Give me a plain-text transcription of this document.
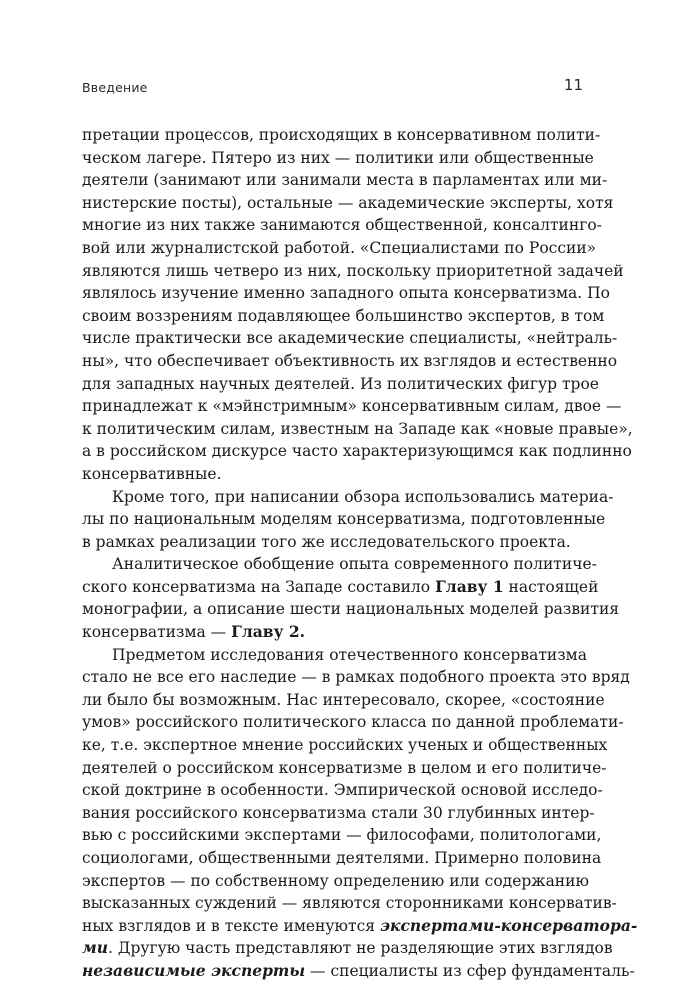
Введение	11

претации процессов, происходящих в консервативном полити-
ческом лагере. Пятеро из них — политики или общественные
деятели (занимают или занимали места в парламентах или ми-
нистерские посты), остальные — академические эксперты, хотя
многие из них также занимаются общественной, консалтинго-
вой или журналистской работой. «Специалистами по России»
являются лишь четверо из них, поскольку приоритетной задачей
являлось изучение именно западного опыта консерватизма. По
своим воззрениям подавляющее большинство экспертов, в том
числе практически все академические специалисты, «нейтраль-
ны», что обеспечивает объективность их взглядов и естественно
для западных научных деятелей. Из политических фигур трое
принадлежат к «мэйнстримным» консервативным силам, двое —
к политическим силам, известным на Западе как «новые правые»,
а в российском дискурсе часто характеризующимся как подлинно
консервативные.

Кроме того, при написании обзора использовались материа-
лы по национальным моделям консерватизма, подготовленные
в рамках реализации того же исследовательского проекта.

Аналитическое обобщение опыта современного политиче-
ского консерватизма на Западе составило Главу 1 настоящей
монографии, а описание шести национальных моделей развития
консерватизма — Главу 2.

Предметом исследования отечественного консерватизма
стало не все его наследие — в рамках подобного проекта это вряд
ли было бы возможным. Нас интересовало, скорее, «состояние
умов» российского политического класса по данной проблемати-
ке, т.е. экспертное мнение российских ученых и общественных
деятелей о российском консерватизме в целом и его политиче-
ской доктрине в особенности. Эмпирической основой исследо-
вания российского консерватизма стали 30 глубинных интер-
вью с российскими экспертами — философами, политологами,
социологами, общественными деятелями. Примерно половина
экспертов — по собственному определению или содержанию
высказанных суждений — являются сторонниками консерватив-
ных взглядов и в тексте именуются экспертами-консерватора-
ми. Другую часть представляют не разделяющие этих взглядов
независимые эксперты — специалисты из сфер фундаменталь-
